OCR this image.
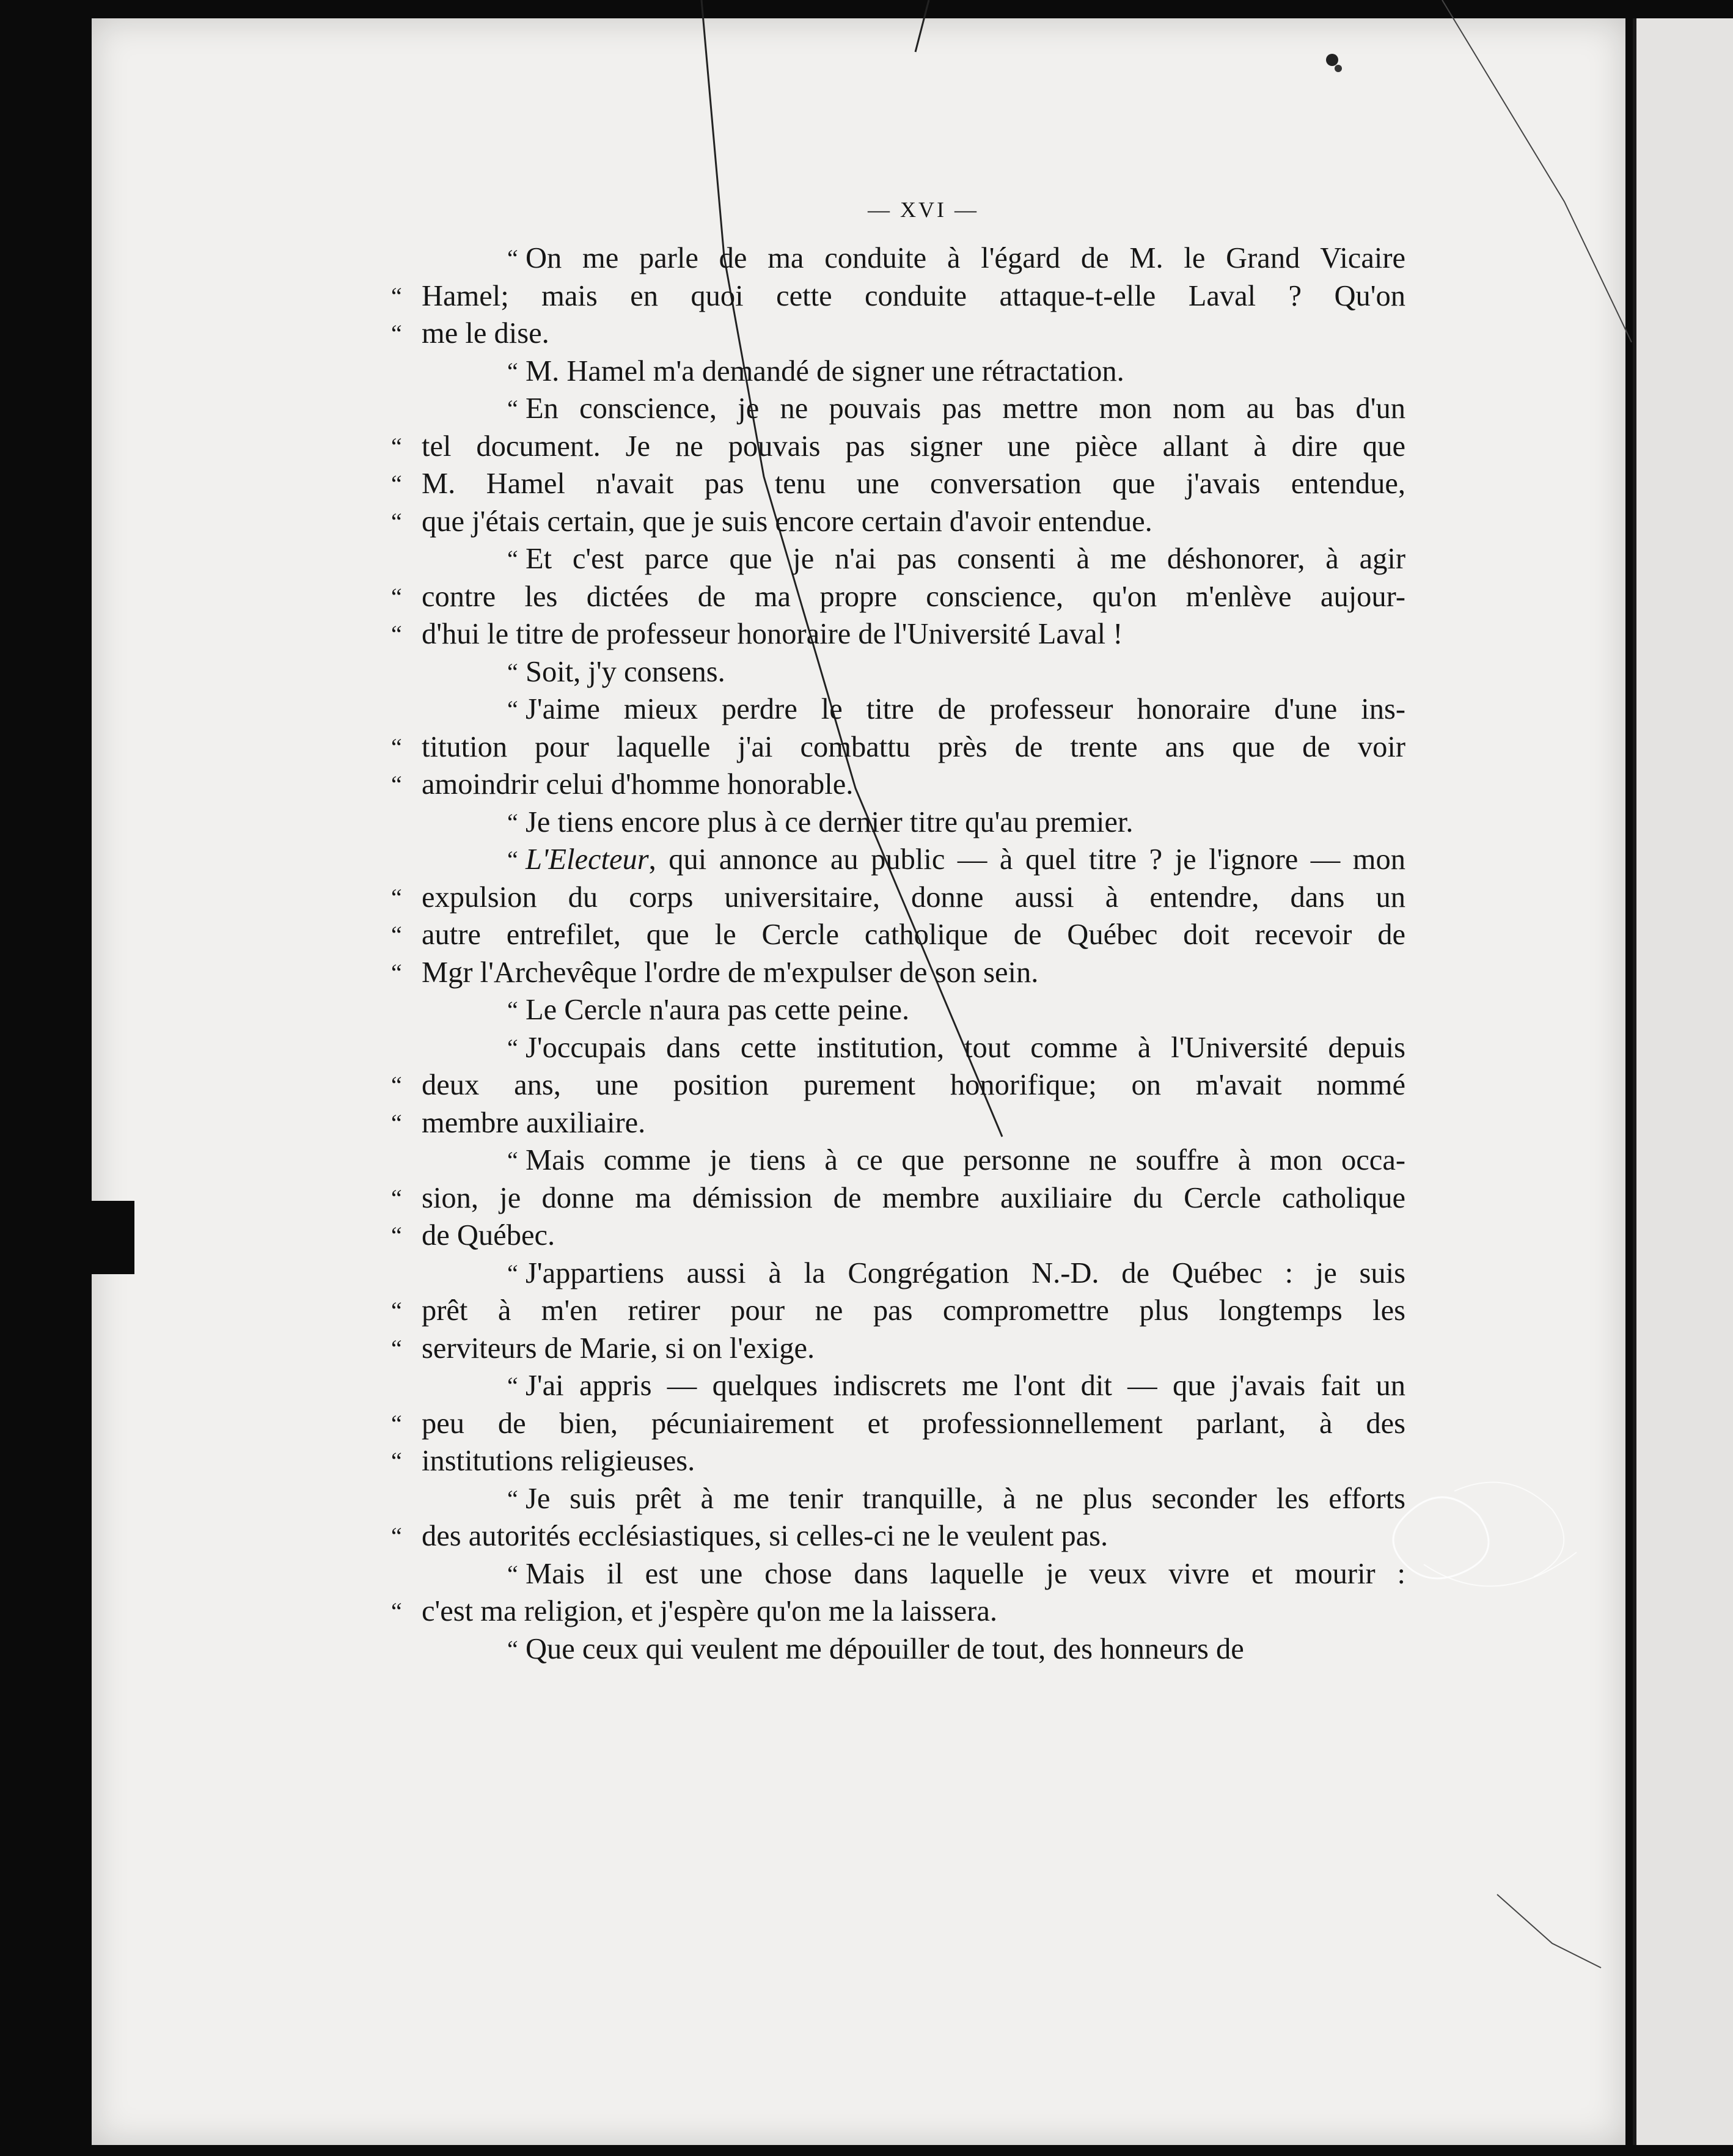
— XVI —
“ On me parle de ma conduite à l'égard de M. le Grand Vicaire
“ Hamel; mais en quoi cette conduite attaque-t-elle Laval ? Qu'on
“ me le dise.
“ M. Hamel m'a demandé de signer une rétractation.
“ En conscience, je ne pouvais pas mettre mon nom au bas d'un
“ tel document. Je ne pouvais pas signer une pièce allant à dire que
“ M. Hamel n'avait pas tenu une conversation que j'avais entendue,
“ que j'étais certain, que je suis encore certain d'avoir entendue.
“ Et c'est parce que je n'ai pas consenti à me déshonorer, à agir
“ contre les dictées de ma propre conscience, qu'on m'enlève aujour-
“ d'hui le titre de professeur honoraire de l'Université Laval !
“ Soit, j'y consens.
“ J'aime mieux perdre le titre de professeur honoraire d'une ins-
“ titution pour laquelle j'ai combattu près de trente ans que de voir
“ amoindrir celui d'homme honorable.
“ Je tiens encore plus à ce dernier titre qu'au premier.
“ L'Electeur, qui annonce au public — à quel titre ? je l'ignore — mon
“ expulsion du corps universitaire, donne aussi à entendre, dans un
“ autre entrefilet, que le Cercle catholique de Québec doit recevoir de
“ Mgr l'Archevêque l'ordre de m'expulser de son sein.
“ Le Cercle n'aura pas cette peine.
“ J'occupais dans cette institution, tout comme à l'Université depuis
“ deux ans, une position purement honorifique; on m'avait nommé
“ membre auxiliaire.
“ Mais comme je tiens à ce que personne ne souffre à mon occa-
“ sion, je donne ma démission de membre auxiliaire du Cercle catholique
“ de Québec.
“ J'appartiens aussi à la Congrégation N.-D. de Québec : je suis
“ prêt à m'en retirer pour ne pas compromettre plus longtemps les
“ serviteurs de Marie, si on l'exige.
“ J'ai appris — quelques indiscrets me l'ont dit — que j'avais fait un
“ peu de bien, pécuniairement et professionnellement parlant, à des
“ institutions religieuses.
“ Je suis prêt à me tenir tranquille, à ne plus seconder les efforts
“ des autorités ecclésiastiques, si celles-ci ne le veulent pas.
“ Mais il est une chose dans laquelle je veux vivre et mourir :
“ c'est ma religion, et j'espère qu'on me la laissera.
“ Que ceux qui veulent me dépouiller de tout, des honneurs de
